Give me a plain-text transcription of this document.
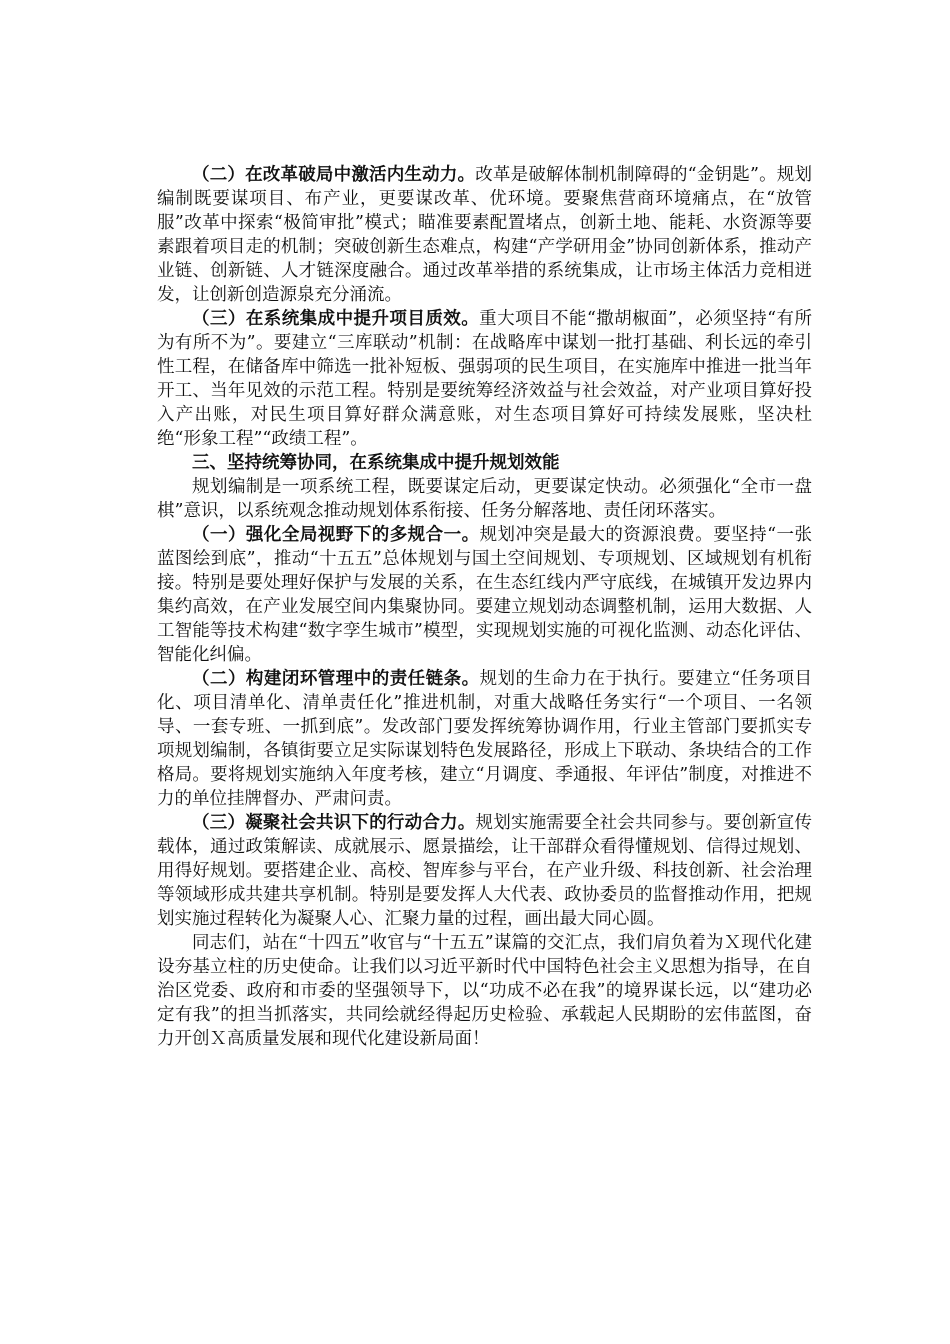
（二）在改革破局中激活内生动力。改革是破解体制机制障碍的“金钥匙”。规划编制既要谋项目、布产业，更要谋改革、优环境。要聚焦营商环境痛点，在“放管服”改革中探索“极简审批”模式；瞄准要素配置堵点，创新土地、能耗、水资源等要素跟着项目走的机制；突破创新生态难点，构建“产学研用金”协同创新体系，推动产业链、创新链、人才链深度融合。通过改革举措的系统集成，让市场主体活力竞相迸发，让创新创造源泉充分涌流。

（三）在系统集成中提升项目质效。重大项目不能“撒胡椒面”，必须坚持“有所为有所不为”。要建立“三库联动”机制：在战略库中谋划一批打基础、利长远的牵引性工程，在储备库中筛选一批补短板、强弱项的民生项目，在实施库中推进一批当年开工、当年见效的示范工程。特别是要统筹经济效益与社会效益，对产业项目算好投入产出账，对民生项目算好群众满意账，对生态项目算好可持续发展账，坚决杜绝“形象工程”“政绩工程”。

三、坚持统筹协同，在系统集成中提升规划效能

规划编制是一项系统工程，既要谋定后动，更要谋定快动。必须强化“全市一盘棋”意识，以系统观念推动规划体系衔接、任务分解落地、责任闭环落实。

（一）强化全局视野下的多规合一。规划冲突是最大的资源浪费。要坚持“一张蓝图绘到底”，推动“十五五”总体规划与国土空间规划、专项规划、区域规划有机衔接。特别是要处理好保护与发展的关系，在生态红线内严守底线，在城镇开发边界内集约高效，在产业发展空间内集聚协同。要建立规划动态调整机制，运用大数据、人工智能等技术构建“数字孪生城市”模型，实现规划实施的可视化监测、动态化评估、智能化纠偏。

（二）构建闭环管理中的责任链条。规划的生命力在于执行。要建立“任务项目化、项目清单化、清单责任化”推进机制，对重大战略任务实行“一个项目、一名领导、一套专班、一抓到底”。发改部门要发挥统筹协调作用，行业主管部门要抓实专项规划编制，各镇街要立足实际谋划特色发展路径，形成上下联动、条块结合的工作格局。要将规划实施纳入年度考核，建立“月调度、季通报、年评估”制度，对推进不力的单位挂牌督办、严肃问责。

（三）凝聚社会共识下的行动合力。规划实施需要全社会共同参与。要创新宣传载体，通过政策解读、成就展示、愿景描绘，让干部群众看得懂规划、信得过规划、用得好规划。要搭建企业、高校、智库参与平台，在产业升级、科技创新、社会治理等领域形成共建共享机制。特别是要发挥人大代表、政协委员的监督推动作用，把规划实施过程转化为凝聚人心、汇聚力量的过程，画出最大同心圆。

同志们，站在“十四五”收官与“十五五”谋篇的交汇点，我们肩负着为Ｘ现代化建设夯基立柱的历史使命。让我们以习近平新时代中国特色社会主义思想为指导，在自治区党委、政府和市委的坚强领导下，以“功成不必在我”的境界谋长远，以“建功必定有我”的担当抓落实，共同绘就经得起历史检验、承载起人民期盼的宏伟蓝图，奋力开创Ｘ高质量发展和现代化建设新局面！
